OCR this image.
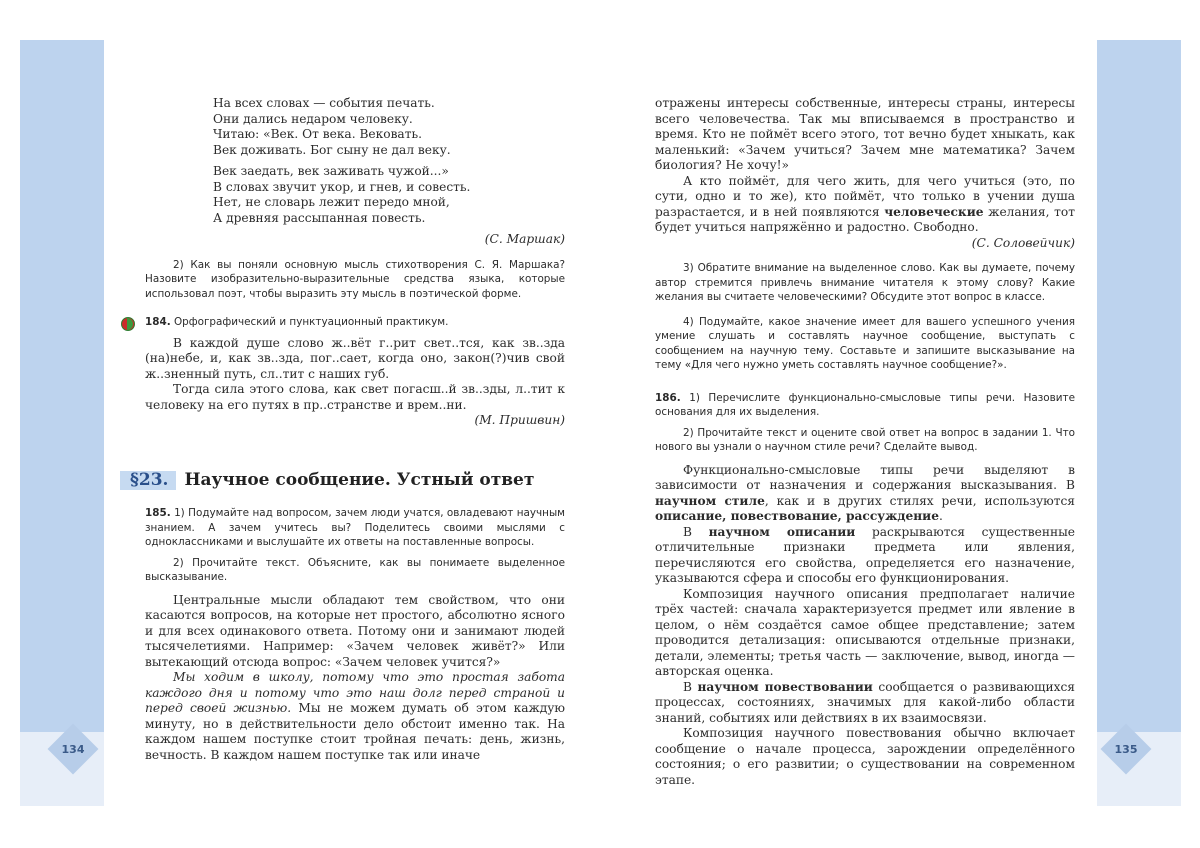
134	135

На всех словах — события печать.

Они дались недаром человеку.

Читаю: «Век. От века. Вековать.

Век доживать. Бог сыну не дал веку.

Век заедать, век заживать чужой...»

В словах звучит укор, и гнев, и совесть.

Нет, не словарь лежит передо мной,

А древняя рассыпанная повесть.

(С. Маршак)

2) Как вы поняли основную мысль стихотворения С. Я. Маршака? Назовите изобразительно-выразительные средства языка, которые использовал поэт, чтобы выразить эту мысль в поэтической форме.

184. Орфографический и пунктуационный практикум.

В каждой душе слово ж..вёт г..рит свет..тся, как зв..зда (на)небе, и, как зв..зда, пог..сает, когда оно, закон(?)чив свой ж..зненный путь, сл..тит с наших губ.

Тогда сила этого слова, как свет погасш..й зв..зды, л..тит к человеку на его путях в пр..странстве и врем..ни.

(М. Пришвин)

§23. Научное сообщение. Устный ответ

185. 1) Подумайте над вопросом, зачем люди учатся, овладевают научным знанием. А зачем учитесь вы? Поделитесь своими мыслями с одноклассниками и выслушайте их ответы на поставленные вопросы.

2) Прочитайте текст. Объясните, как вы понимаете выделенное высказывание.

Центральные мысли обладают тем свойством, что они касаются вопросов, на которые нет простого, абсолютно ясного и для всех одинакового ответа. Потому они и занимают людей тысячелетиями. Например: «Зачем человек живёт?» Или вытекающий отсюда вопрос: «Зачем человек учится?»

Мы ходим в школу, потому что это простая забота каждого дня и потому что это наш долг перед страной и перед своей жизнью. Мы не можем думать об этом каждую минуту, но в действительности дело обстоит именно так. На каждом нашем поступке стоит тройная печать: день, жизнь, вечность. В каждом нашем поступке так или иначе

отражены интересы собственные, интересы страны, интересы всего человечества. Так мы вписываемся в пространство и время. Кто не поймёт всего этого, тот вечно будет хныкать, как маленький: «Зачем учиться? Зачем мне математика? Зачем биология? Не хочу!»

А кто поймёт, для чего жить, для чего учиться (это, по сути, одно и то же), кто поймёт, что только в учении душа разрастается, и в ней появляются человеческие желания, тот будет учиться напряжённо и радостно. Свободно.

(С. Соловейчик)

3) Обратите внимание на выделенное слово. Как вы думаете, почему автор стремится привлечь внимание читателя к этому слову? Какие желания вы считаете человеческими? Обсудите этот вопрос в классе.

4) Подумайте, какое значение имеет для вашего успешного учения умение слушать и составлять научное сообщение, выступать с сообщением на научную тему. Составьте и запишите высказывание на тему «Для чего нужно уметь составлять научное сообщение?».

186. 1) Перечислите функционально-смысловые типы речи. Назовите основания для их выделения.

2) Прочитайте текст и оцените свой ответ на вопрос в задании 1. Что нового вы узнали о научном стиле речи? Сделайте вывод.

Функционально-смысловые типы речи выделяют в зависимости от назначения и содержания высказывания. В научном стиле, как и в других стилях речи, используются описание, повествование, рассуждение.

В научном описании раскрываются существенные отличительные признаки предмета или явления, перечисляются его свойства, определяется его назначение, указываются сфера и способы его функционирования.

Композиция научного описания предполагает наличие трёх частей: сначала характеризуется предмет или явление в целом, о нём создаётся самое общее представление; затем проводится детализация: описываются отдельные признаки, детали, элементы; третья часть — заключение, вывод, иногда — авторская оценка.

В научном повествовании сообщается о развивающихся процессах, состояниях, значимых для какой-либо области знаний, событиях или действиях в их взаимосвязи.

Композиция научного повествования обычно включает сообщение о начале процесса, зарождении определённого состояния; о его развитии; о существовании на современном этапе.
